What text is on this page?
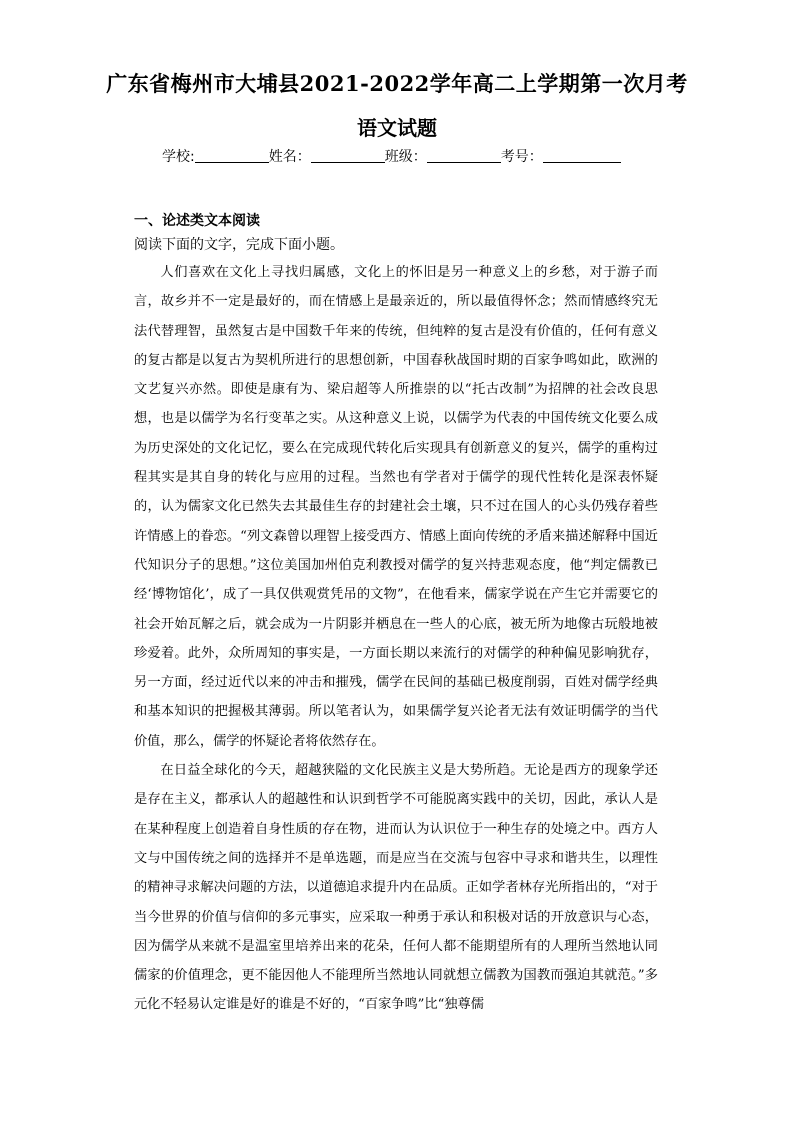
广东省梅州市大埔县2021-2022学年高二上学期第一次月考
语文试题
学校:	姓名：	班级：	考号：
一、论述类文本阅读
阅读下面的文字，完成下面小题。

人们喜欢在文化上寻找归属感，文化上的怀旧是另一种意义上的乡愁，对于游子而言，故乡并不一定是最好的，而在情感上是最亲近的，所以最值得怀念；然而情感终究无法代替理智，虽然复古是中国数千年来的传统，但纯粹的复古是没有价值的，任何有意义的复古都是以复古为契机所进行的思想创新，中国春秋战国时期的百家争鸣如此，欧洲的文艺复兴亦然。即使是康有为、梁启超等人所推崇的以“托古改制”为招牌的社会改良思想，也是以儒学为名行变革之实。从这种意义上说，以儒学为代表的中国传统文化要么成为历史深处的文化记忆，要么在完成现代转化后实现具有创新意义的复兴，儒学的重构过程其实是其自身的转化与应用的过程。当然也有学者对于儒学的现代性转化是深表怀疑的，认为儒家文化已然失去其最佳生存的封建社会土壤，只不过在国人的心头仍残存着些许情感上的眷恋。“列文森曾以理智上接受西方、情感上面向传统的矛盾来描述解释中国近代知识分子的思想。”这位美国加州伯克利教授对儒学的复兴持悲观态度，他“判定儒教已经‘博物馆化’，成了一具仅供观赏凭吊的文物”，在他看来，儒家学说在产生它并需要它的社会开始瓦解之后，就会成为一片阴影并栖息在一些人的心底，被无所为地像古玩般地被珍爱着。此外，众所周知的事实是，一方面长期以来流行的对儒学的种种偏见影响犹存，另一方面，经过近代以来的冲击和摧残，儒学在民间的基础已极度削弱，百姓对儒学经典和基本知识的把握极其薄弱。所以笔者认为，如果儒学复兴论者无法有效证明儒学的当代价值，那么，儒学的怀疑论者将依然存在。

在日益全球化的今天，超越狭隘的文化民族主义是大势所趋。无论是西方的现象学还是存在主义，都承认人的超越性和认识到哲学不可能脱离实践中的关切，因此，承认人是在某种程度上创造着自身性质的存在物，进而认为认识位于一种生存的处境之中。西方人文与中国传统之间的选择并不是单选题，而是应当在交流与包容中寻求和谐共生，以理性的精神寻求解决问题的方法，以道德追求提升内在品质。正如学者林存光所指出的，“对于当今世界的价值与信仰的多元事实，应采取一种勇于承认和积极对话的开放意识与心态，因为儒学从来就不是温室里培养出来的花朵，任何人都不能期望所有的人理所当然地认同儒家的价值理念，更不能因他人不能理所当然地认同就想立儒教为国教而强迫其就范。”多元化不轻易认定谁是好的谁是不好的，“百家争鸣”比“独尊儒
